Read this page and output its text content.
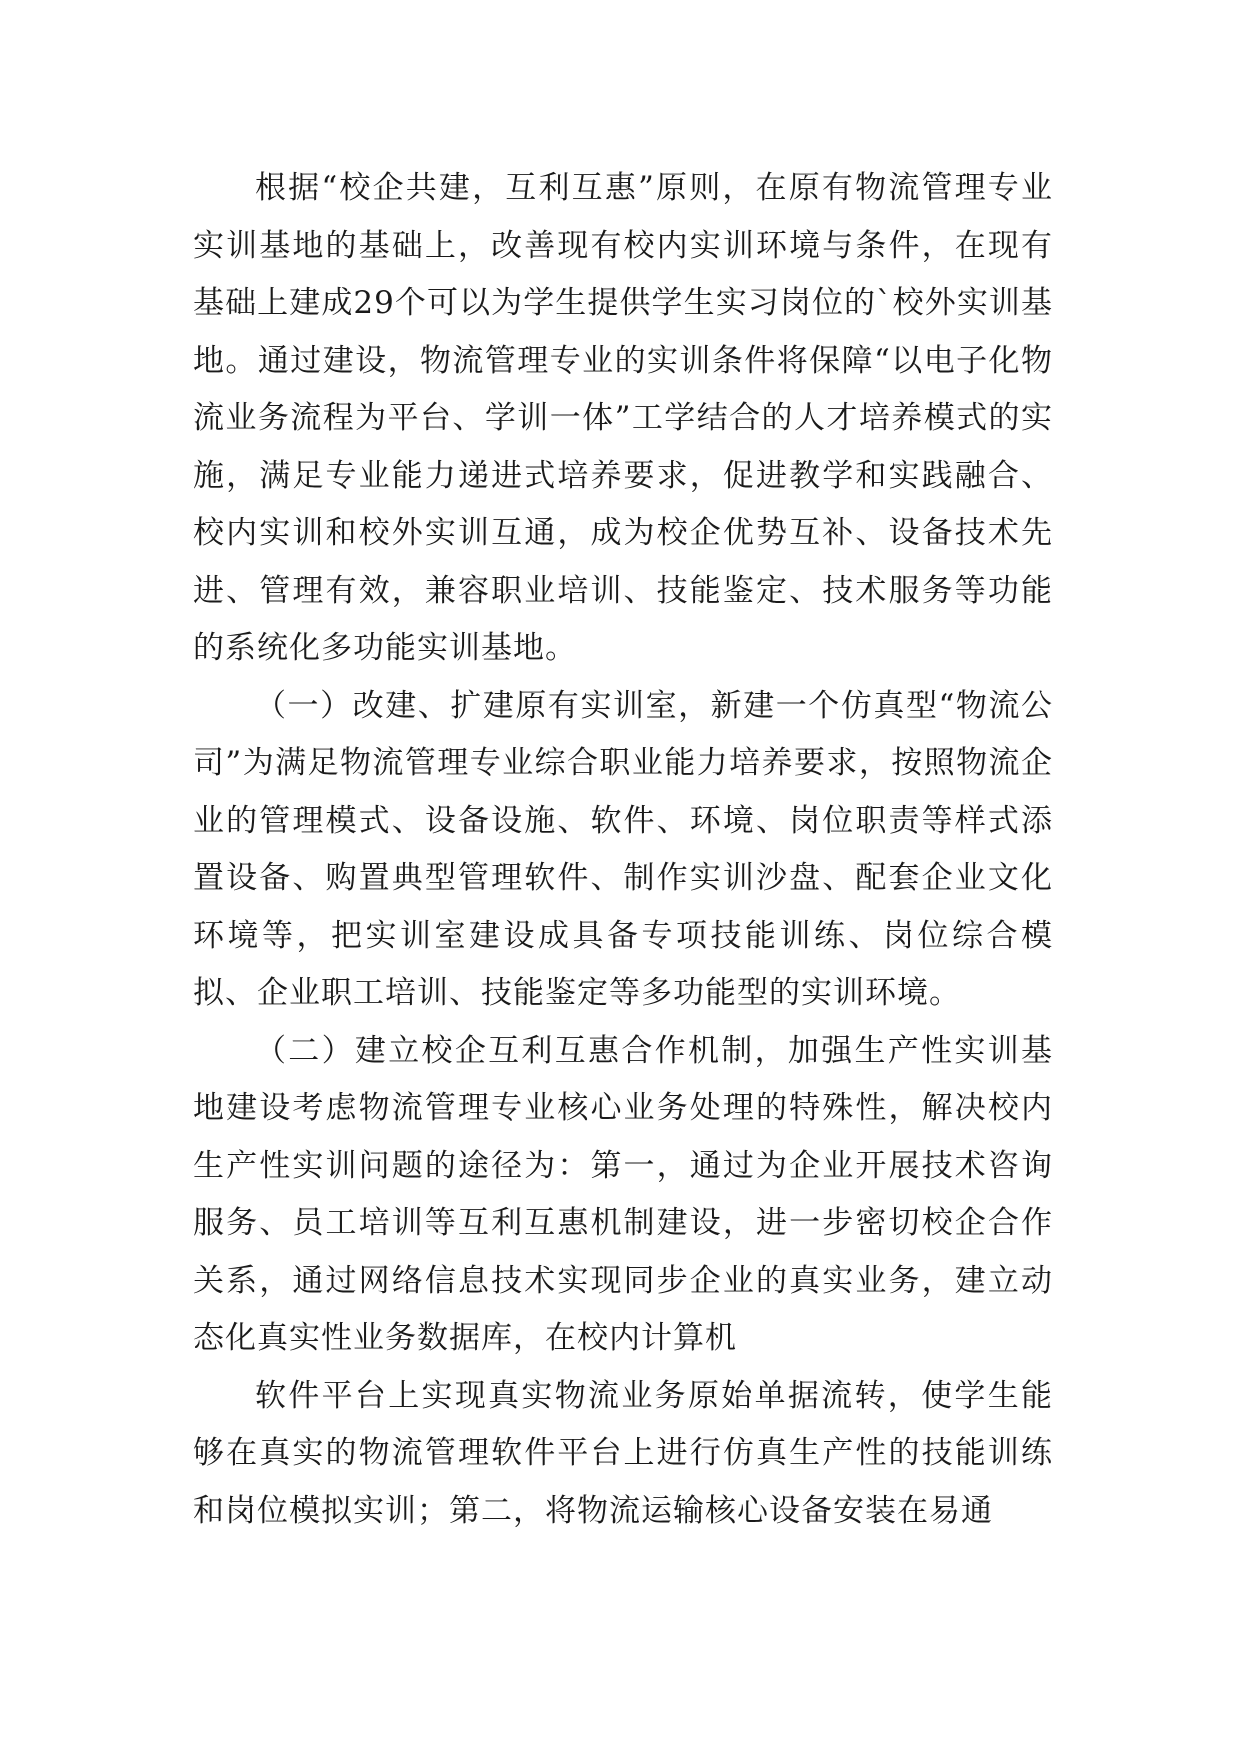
根据“校企共建，互利互惠”原则，在原有物流管理专业实训基地的基础上，改善现有校内实训环境与条件，在现有基础上建成29个可以为学生提供学生实习岗位的`校外实训基地。通过建设，物流管理专业的实训条件将保障“以电子化物流业务流程为平台、学训一体”工学结合的人才培养模式的实施，满足专业能力递进式培养要求，促进教学和实践融合、校内实训和校外实训互通，成为校企优势互补、设备技术先进、管理有效，兼容职业培训、技能鉴定、技术服务等功能的系统化多功能实训基地。

（一）改建、扩建原有实训室，新建一个仿真型“物流公司”为满足物流管理专业综合职业能力培养要求，按照物流企业的管理模式、设备设施、软件、环境、岗位职责等样式添置设备、购置典型管理软件、制作实训沙盘、配套企业文化环境等，把实训室建设成具备专项技能训练、岗位综合模拟、企业职工培训、技能鉴定等多功能型的实训环境。

（二）建立校企互利互惠合作机制，加强生产性实训基地建设考虑物流管理专业核心业务处理的特殊性，解决校内生产性实训问题的途径为：第一，通过为企业开展技术咨询服务、员工培训等互利互惠机制建设，进一步密切校企合作关系，通过网络信息技术实现同步企业的真实业务，建立动态化真实性业务数据库，在校内计算机

软件平台上实现真实物流业务原始单据流转，使学生能够在真实的物流管理软件平台上进行仿真生产性的技能训练和岗位模拟实训；第二，将物流运输核心设备安装在易通
